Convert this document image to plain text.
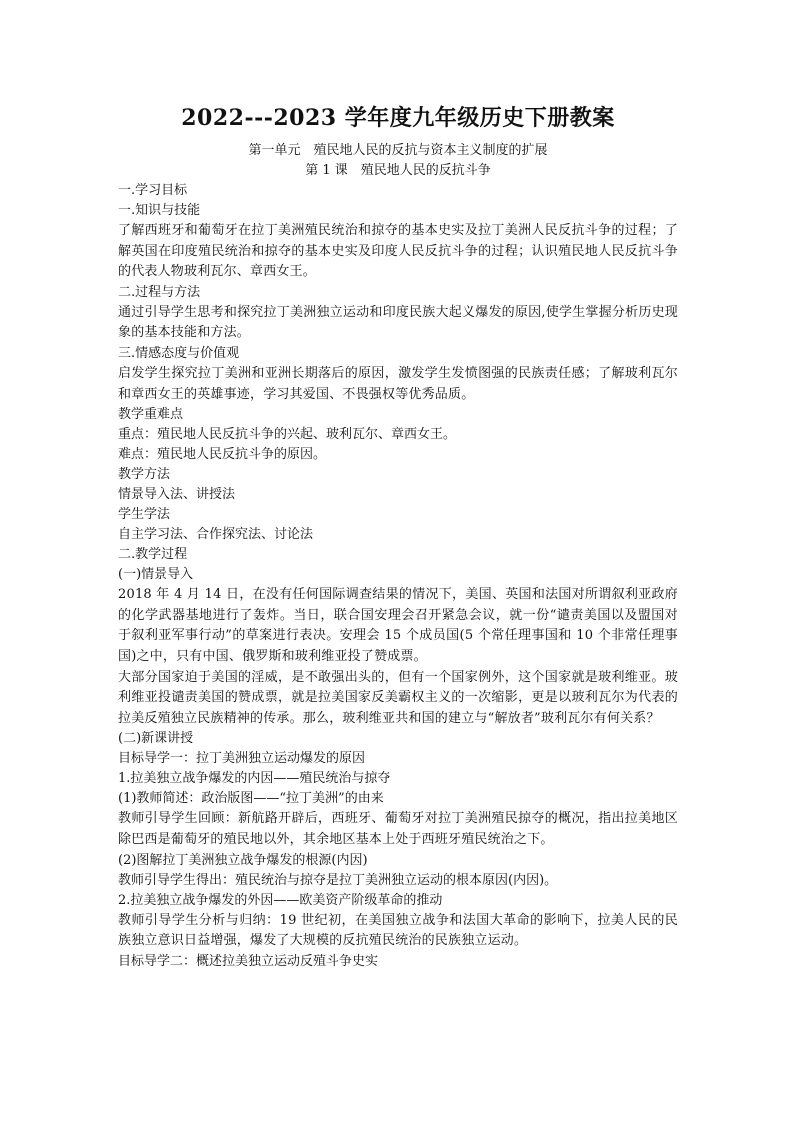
2022---2023 学年度九年级历史下册教案

第一单元　殖民地人民的反抗与资本主义制度的扩展

第 1 课　殖民地人民的反抗斗争

一.学习目标

一.知识与技能

了解西班牙和葡萄牙在拉丁美洲殖民统治和掠夺的基本史实及拉丁美洲人民反抗斗争的过程；了解英国在印度殖民统治和掠夺的基本史实及印度人民反抗斗争的过程；认识殖民地人民反抗斗争的代表人物玻利瓦尔、章西女王。

二.过程与方法

通过引导学生思考和探究拉丁美洲独立运动和印度民族大起义爆发的原因,使学生掌握分析历史现象的基本技能和方法。

三.情感态度与价值观

启发学生探究拉丁美洲和亚洲长期落后的原因，激发学生发愤图强的民族责任感；了解玻利瓦尔和章西女王的英雄事迹，学习其爱国、不畏强权等优秀品质。

教学重难点

重点：殖民地人民反抗斗争的兴起、玻利瓦尔、章西女王。

难点：殖民地人民反抗斗争的原因。

教学方法

情景导入法、讲授法

学生学法

自主学习法、合作探究法、讨论法

二.教学过程

(一)情景导入

2018 年 4 月 14 日，在没有任何国际调查结果的情况下，美国、英国和法国对所谓叙利亚政府的化学武器基地进行了轰炸。当日，联合国安理会召开紧急会议，就一份“谴责美国以及盟国对于叙利亚军事行动”的草案进行表决。安理会 15 个成员国(5 个常任理事国和 10 个非常任理事国)之中，只有中国、俄罗斯和玻利维亚投了赞成票。

大部分国家迫于美国的淫威，是不敢强出头的，但有一个国家例外，这个国家就是玻利维亚。玻利维亚投谴责美国的赞成票，就是拉美国家反美霸权主义的一次缩影，更是以玻利瓦尔为代表的拉美反殖独立民族精神的传承。那么，玻利维亚共和国的建立与“解放者”玻利瓦尔有何关系？

(二)新课讲授

目标导学一：拉丁美洲独立运动爆发的原因

1.拉美独立战争爆发的内因——殖民统治与掠夺

(1)教师简述：政治版图——“拉丁美洲”的由来

教师引导学生回顾：新航路开辟后，西班牙、葡萄牙对拉丁美洲殖民掠夺的概况，指出拉美地区除巴西是葡萄牙的殖民地以外，其余地区基本上处于西班牙殖民统治之下。

(2)图解拉丁美洲独立战争爆发的根源(内因)

教师引导学生得出：殖民统治与掠夺是拉丁美洲独立运动的根本原因(内因)。

2.拉美独立战争爆发的外因——欧美资产阶级革命的推动

教师引导学生分析与归纳：19 世纪初，在美国独立战争和法国大革命的影响下，拉美人民的民族独立意识日益增强，爆发了大规模的反抗殖民统治的民族独立运动。

目标导学二：概述拉美独立运动反殖斗争史实
